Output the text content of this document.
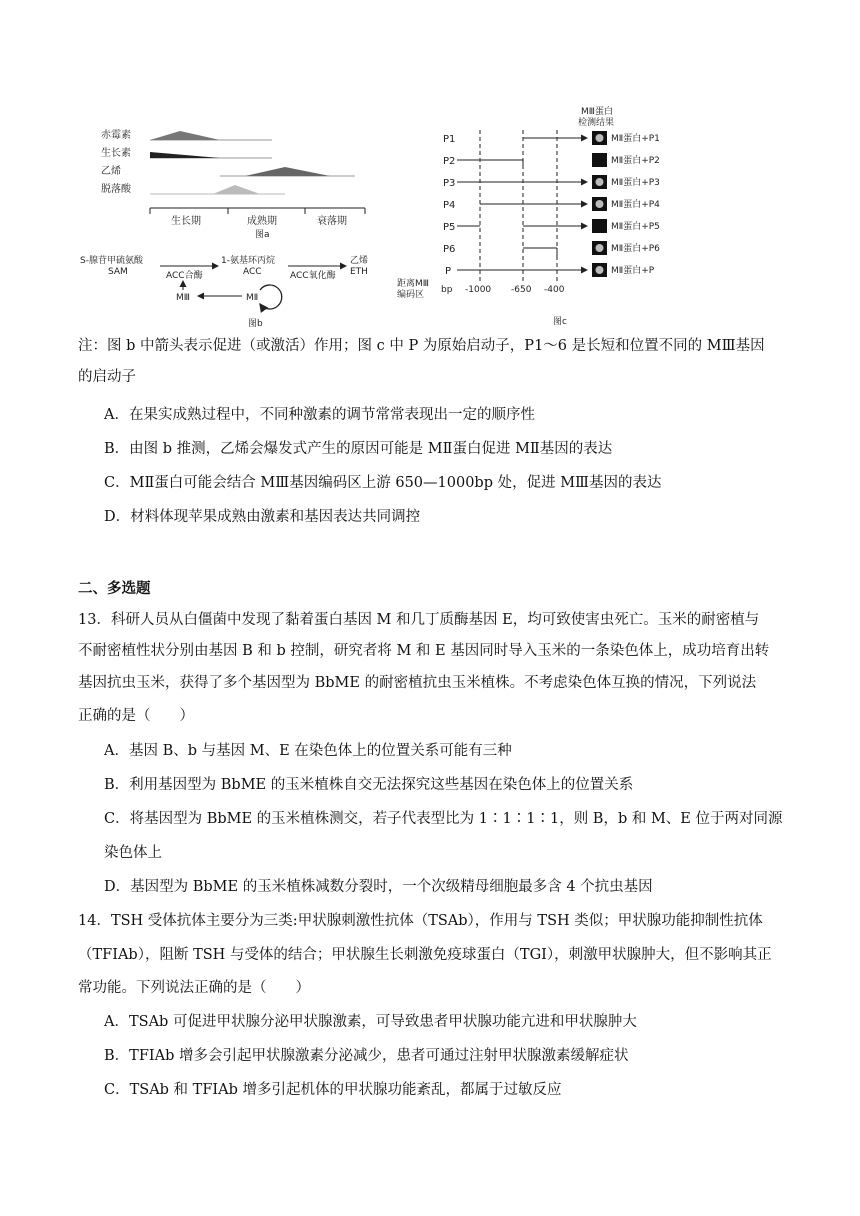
赤霉素
生长素
乙烯
脱落酸
生长期	成熟期	衰落期
图a
S-腺苷甲硫氨酸
SAM
1-氨基环丙烷
ACC
乙烯
ETH
ACC合酶	ACC氧化酶
MⅢ	MⅡ
图b
MⅢ蛋白
检测结果
P1	MⅡ蛋白+P1
P2	MⅡ蛋白+P2
P3	MⅡ蛋白+P3
P4	MⅡ蛋白+P4
P5	MⅡ蛋白+P5
P6	MⅡ蛋白+P6
P	MⅡ蛋白+P
距离MⅢ
编码区 bp -1000 -650 -400
图c
注：图 b 中箭头表示促进（或激活）作用；图 c 中 P 为原始启动子，P1～6 是长短和位置不同的 MⅢ基因
的启动子
A．在果实成熟过程中，不同种激素的调节常常表现出一定的顺序性
B．由图 b 推测，乙烯会爆发式产生的原因可能是 MⅡ蛋白促进 MⅡ基因的表达
C．MⅡ蛋白可能会结合 MⅢ基因编码区上游 650—1000bp 处，促进 MⅢ基因的表达
D．材料体现苹果成熟由激素和基因表达共同调控
二、多选题
13．科研人员从白僵菌中发现了黏着蛋白基因 M 和几丁质酶基因 E，均可致使害虫死亡。玉米的耐密植与
不耐密植性状分别由基因 B 和 b 控制，研究者将 M 和 E 基因同时导入玉米的一条染色体上，成功培育出转
基因抗虫玉米，获得了多个基因型为 BbME 的耐密植抗虫玉米植株。不考虑染色体互换的情况，下列说法
正确的是（　　）
A．基因 B、b 与基因 M、E 在染色体上的位置关系可能有三种
B．利用基因型为 BbME 的玉米植株自交无法探究这些基因在染色体上的位置关系
C．将基因型为 BbME 的玉米植株测交，若子代表型比为 1∶1∶1∶1，则 B，b 和 M、E 位于两对同源
染色体上
D．基因型为 BbME 的玉米植株减数分裂时，一个次级精母细胞最多含 4 个抗虫基因
14．TSH 受体抗体主要分为三类:甲状腺刺激性抗体（TSAb），作用与 TSH 类似；甲状腺功能抑制性抗体
（TFIAb），阻断 TSH 与受体的结合；甲状腺生长刺激免疫球蛋白（TGI），刺激甲状腺肿大，但不影响其正
常功能。下列说法正确的是（　　）
A．TSAb 可促进甲状腺分泌甲状腺激素，可导致患者甲状腺功能亢进和甲状腺肿大
B．TFIAb 增多会引起甲状腺激素分泌减少，患者可通过注射甲状腺激素缓解症状
C．TSAb 和 TFIAb 增多引起机体的甲状腺功能紊乱，都属于过敏反应
